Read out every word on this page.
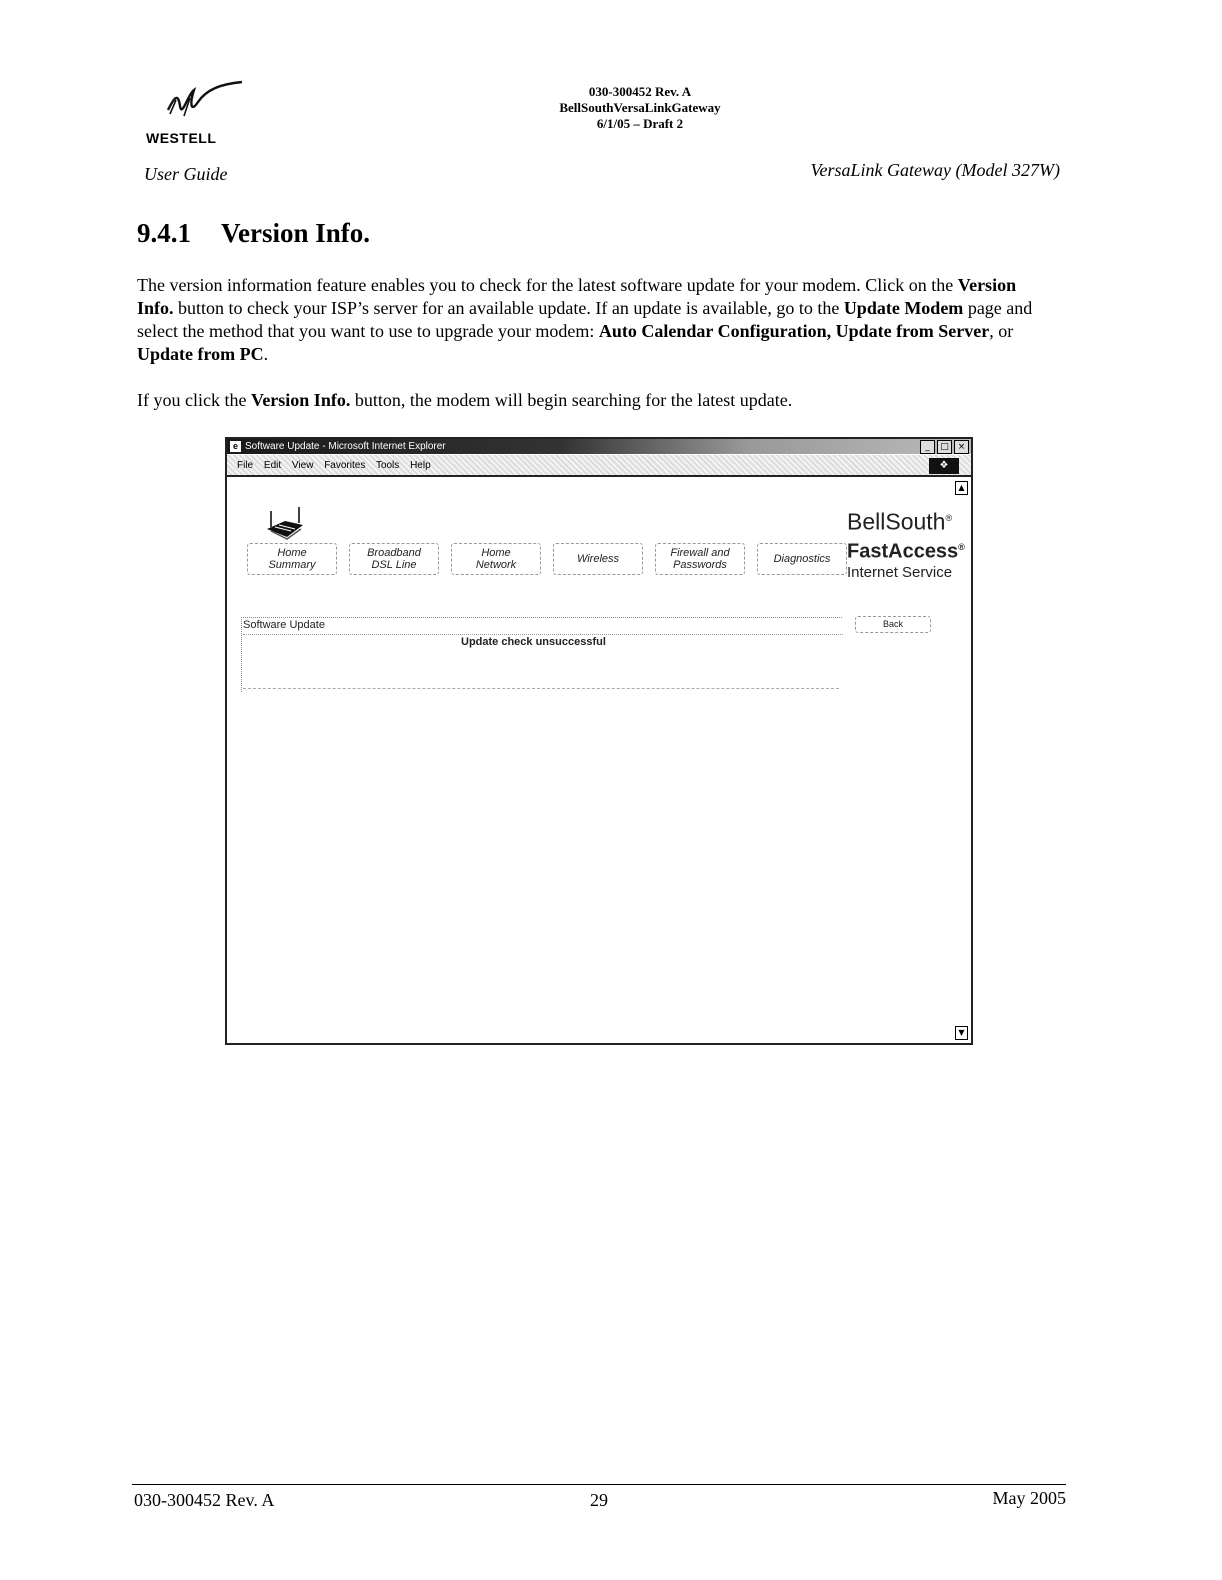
WESTELL
030-300452 Rev. A
BellSouthVersaLinkGateway
6/1/05 – Draft 2
User Guide	VersaLink Gateway (Model 327W)
9.4.1 Version Info.
The version information feature enables you to check for the latest software update for your modem. Click on the Version Info. button to check your ISP’s server for an available update. If an update is available, go to the Update Modem page and select the method that you want to use to upgrade your modem: Auto Calendar Configuration, Update from Server, or Update from PC.
If you click the Version Info. button, the modem will begin searching for the latest update.
e Software Update - Microsoft Internet Explorer	_	□ ×
File Edit View Favorites Tools Help	❖
▲
BellSouth®
FastAccess®
Internet Service
Home
Summary
Broadband
DSL Line
Home
Network	Wireless	Firewall and
Passwords	Diagnostics
Software Update
Update check unsuccessful
Back
▼
030-300452 Rev. A	29	May 2005
